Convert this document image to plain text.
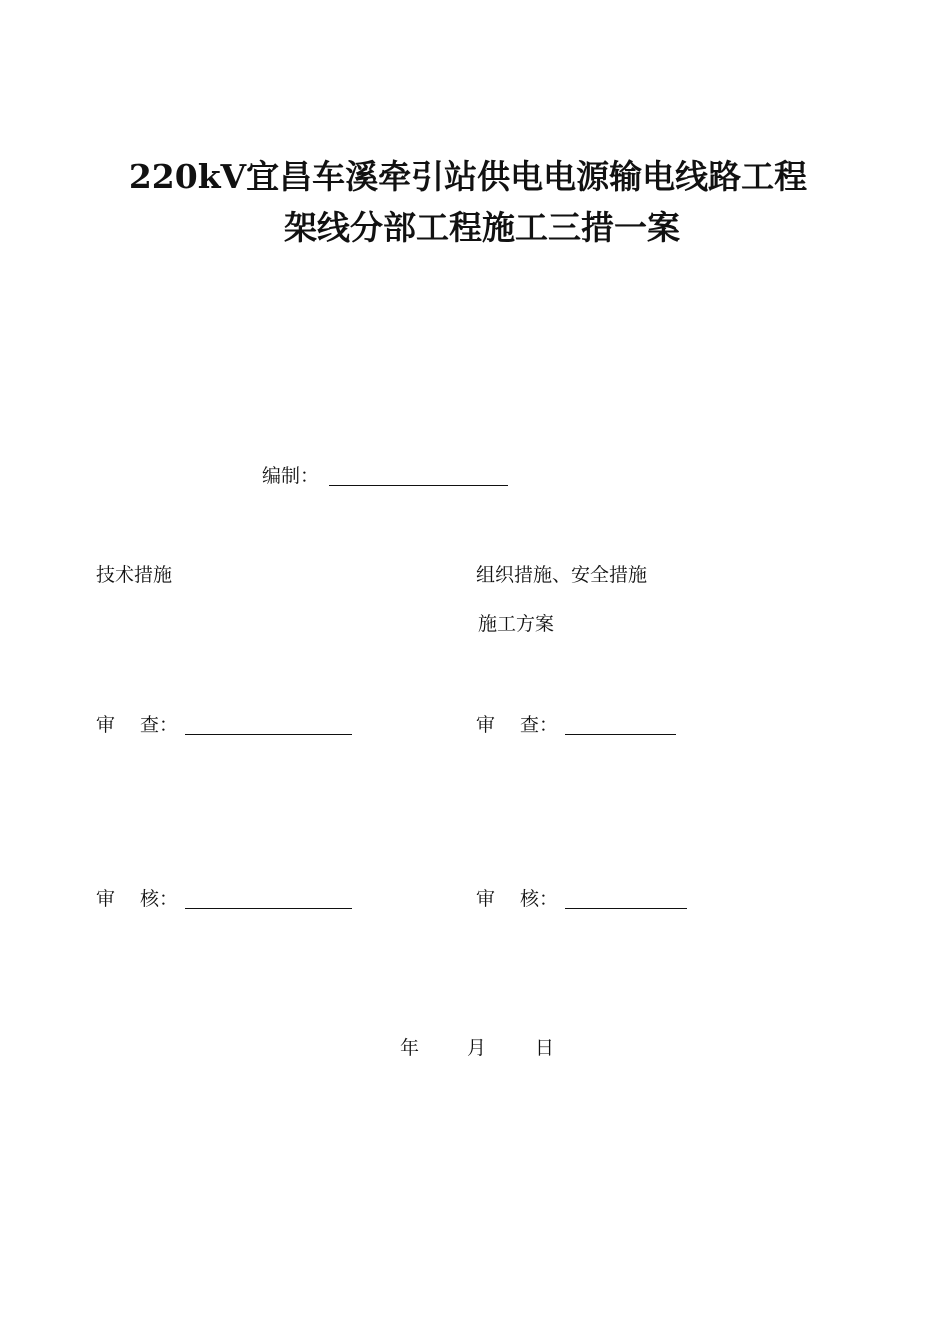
220kV宜昌车溪牵引站供电电源输电线路工程
架线分部工程施工三措一案
编制：
技术措施
审 查：
审 核：
组织措施、安全措施
施工方案
审 查：
审 核：
年	月	日
